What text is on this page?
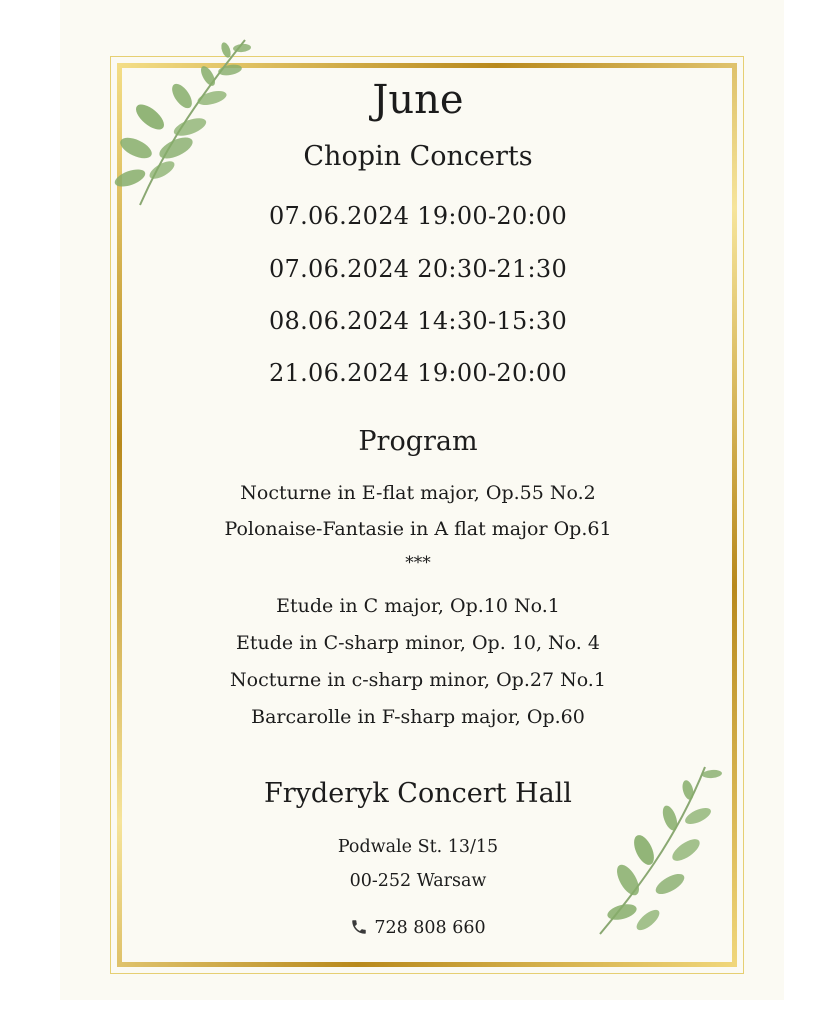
June
Chopin Concerts
07.06.2024 19:00-20:00
07.06.2024 20:30-21:30
08.06.2024 14:30-15:30
21.06.2024 19:00-20:00
Program
Nocturne in E-flat major, Op.55 No.2
Polonaise-Fantasie in A flat major Op.61
***
Etude in C major, Op.10 No.1
Etude in C-sharp minor, Op. 10, No. 4
Nocturne in c-sharp minor, Op.27 No.1
Barcarolle in F-sharp major, Op.60
Fryderyk Concert Hall
Podwale St. 13/15
00-252 Warsaw
728 808 660
